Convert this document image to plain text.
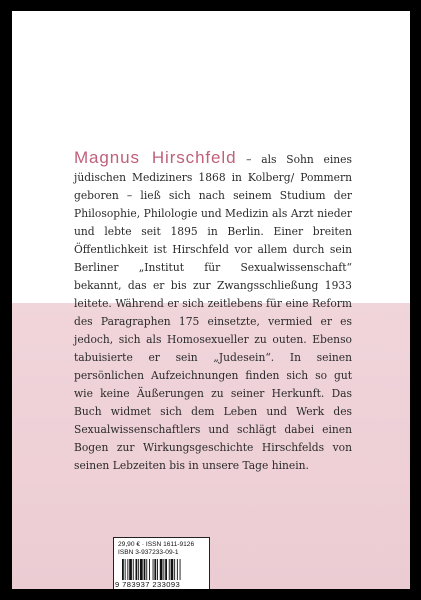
Magnus Hirschfeld – als Sohn eines jüdischen Mediziners 1868 in Kolberg/ Pommern geboren – ließ sich nach seinem Studium der Philosophie, Philologie und Medizin als Arzt nieder und lebte seit 1895 in Berlin. Einer breiten Öffentlichkeit ist Hirschfeld vor allem durch sein Berliner „Institut für Sexualwissenschaft“ bekannt, das er bis zur Zwangsschließung 1933 leitete. Während er sich zeitlebens für eine Reform des Paragraphen 175 einsetzte, vermied er es jedoch, sich als Homosexueller zu outen. Ebenso tabuisierte er sein „Judesein“. In seinen persönlichen Aufzeichnungen finden sich so gut wie keine Äußerungen zu seiner Herkunft. Das Buch widmet sich dem Leben und Werk des Sexualwissenschaftlers und schlägt dabei einen Bogen zur Wirkungsgeschichte Hirschfelds von seinen Lebzeiten bis in unsere Tage hinein.

29,90 € · ISSN 1611-9126
ISBN 3-937233-09-1
9 783937 233093
